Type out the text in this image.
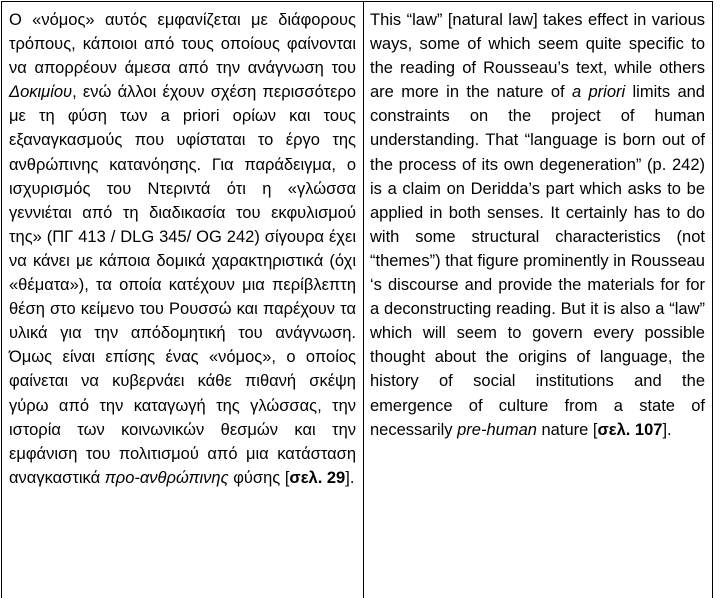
Ο «νόμος» αυτός εμφανίζεται με διάφορους τρόπους, κάποιοι από τους οποίους φαίνονται να απορρέουν άμεσα από την ανάγνωση του Δοκιμίου, ενώ άλλοι έχουν σχέση περισσότερο με τη φύση των a priori ορίων και τους εξαναγκασμούς που υφίσταται το έργο της ανθρώπινης κατανόησης. Για παράδειγμα, ο ισχυρισμός του Ντεριντά ότι η «γλώσσα γεννιέται από τη διαδικασία του εκφυλισμού της» (ΠΓ 413 / DLG 345/ OG 242) σίγουρα έχει να κάνει με κάποια δομικά χαρακτηριστικά (όχι «θέματα»), τα οποία κατέχουν μια περίβλεπτη θέση στο κείμενο του Ρουσσώ και παρέχουν τα υλικά για την απόδομητική του ανάγνωση. Όμως είναι επίσης ένας «νόμος», ο οποίος φαίνεται να κυβερνάει κάθε πιθανή σκέψη γύρω από την καταγωγή της γλώσσας, την ιστορία των κοινωνικών θεσμών και την εμφάνιση του πολιτισμού από μια κατάσταση αναγκαστικά προ-ανθρώπινης φύσης [σελ. 29].

This “law” [natural law] takes effect in various ways, some of which seem quite specific to the reading of Rousseau’s text, while others are more in the nature of a priori limits and constraints on the project of human understanding. That “language is born out of the process of its own degeneration” (p. 242) is a claim on Deridda’s part which asks to be applied in both senses. It certainly has to do with some structural characteristics (not “themes”) that figure prominently in Rousseau ‘s discourse and provide the materials for for a deconstructing reading. But it is also a “law” which will seem to govern every possible thought about the origins of language, the history of social institutions and the emergence of culture from a state of necessarily pre-human nature [σελ. 107].
